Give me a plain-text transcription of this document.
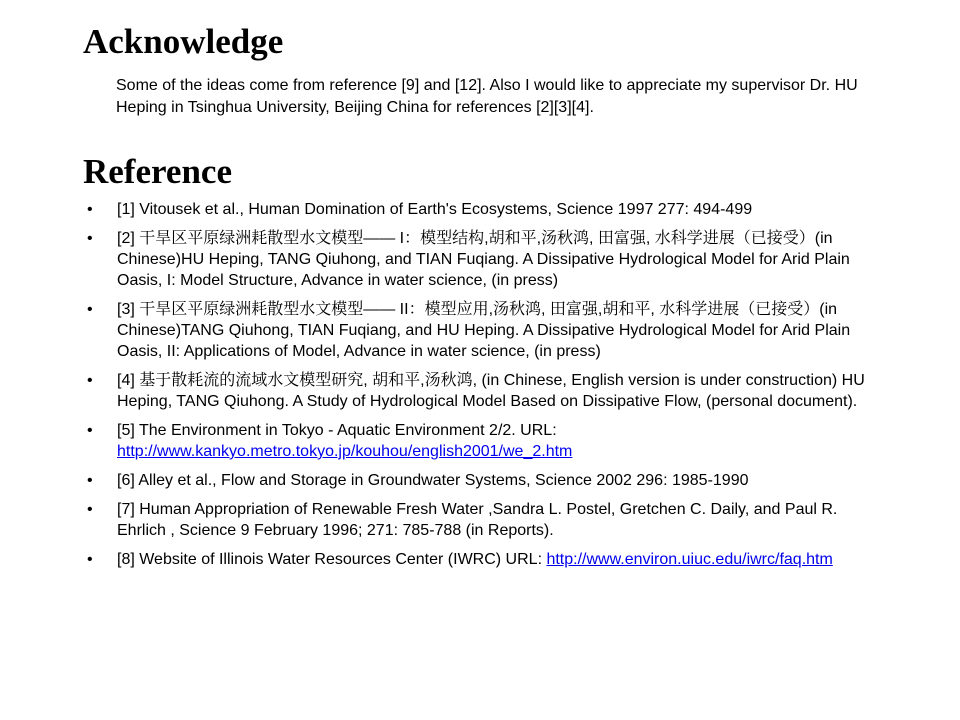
Acknowledge

Some of the ideas come from reference [9] and [12]. Also I would like to appreciate my supervisor Dr. HU Heping in Tsinghua University, Beijing China for references [2][3][4].

Reference
• [1] Vitousek et al., Human Domination of Earth's Ecosystems, Science 1997 277: 494-499
• [2] 干旱区平原绿洲耗散型水文模型—— I：模型结构,胡和平,汤秋鸿, 田富强, 水科学进展（已接受）(in Chinese)HU Heping, TANG Qiuhong, and TIAN Fuqiang. A Dissipative Hydrological Model for Arid Plain Oasis, I: Model Structure, Advance in water science, (in press)
• [3] 干旱区平原绿洲耗散型水文模型—— II：模型应用,汤秋鸿, 田富强,胡和平, 水科学进展（已接受）(in Chinese)TANG Qiuhong, TIAN Fuqiang, and HU Heping. A Dissipative Hydrological Model for Arid Plain Oasis, II: Applications of Model, Advance in water science, (in press)
• [4] 基于散耗流的流域水文模型研究, 胡和平,汤秋鸿, (in Chinese, English version is under construction) HU Heping, TANG Qiuhong. A Study of Hydrological Model Based on Dissipative Flow, (personal document).
• [5] The Environment in Tokyo - Aquatic Environment 2/2. URL: http://www.kankyo.metro.tokyo.jp/kouhou/english2001/we_2.htm
• [6] Alley et al., Flow and Storage in Groundwater Systems, Science 2002 296: 1985-1990
• [7] Human Appropriation of Renewable Fresh Water ,Sandra L. Postel, Gretchen C. Daily, and Paul R. Ehrlich , Science 9 February 1996; 271: 785-788 (in Reports).
• [8] Website of Illinois Water Resources Center (IWRC) URL: http://www.environ.uiuc.edu/iwrc/faq.htm
